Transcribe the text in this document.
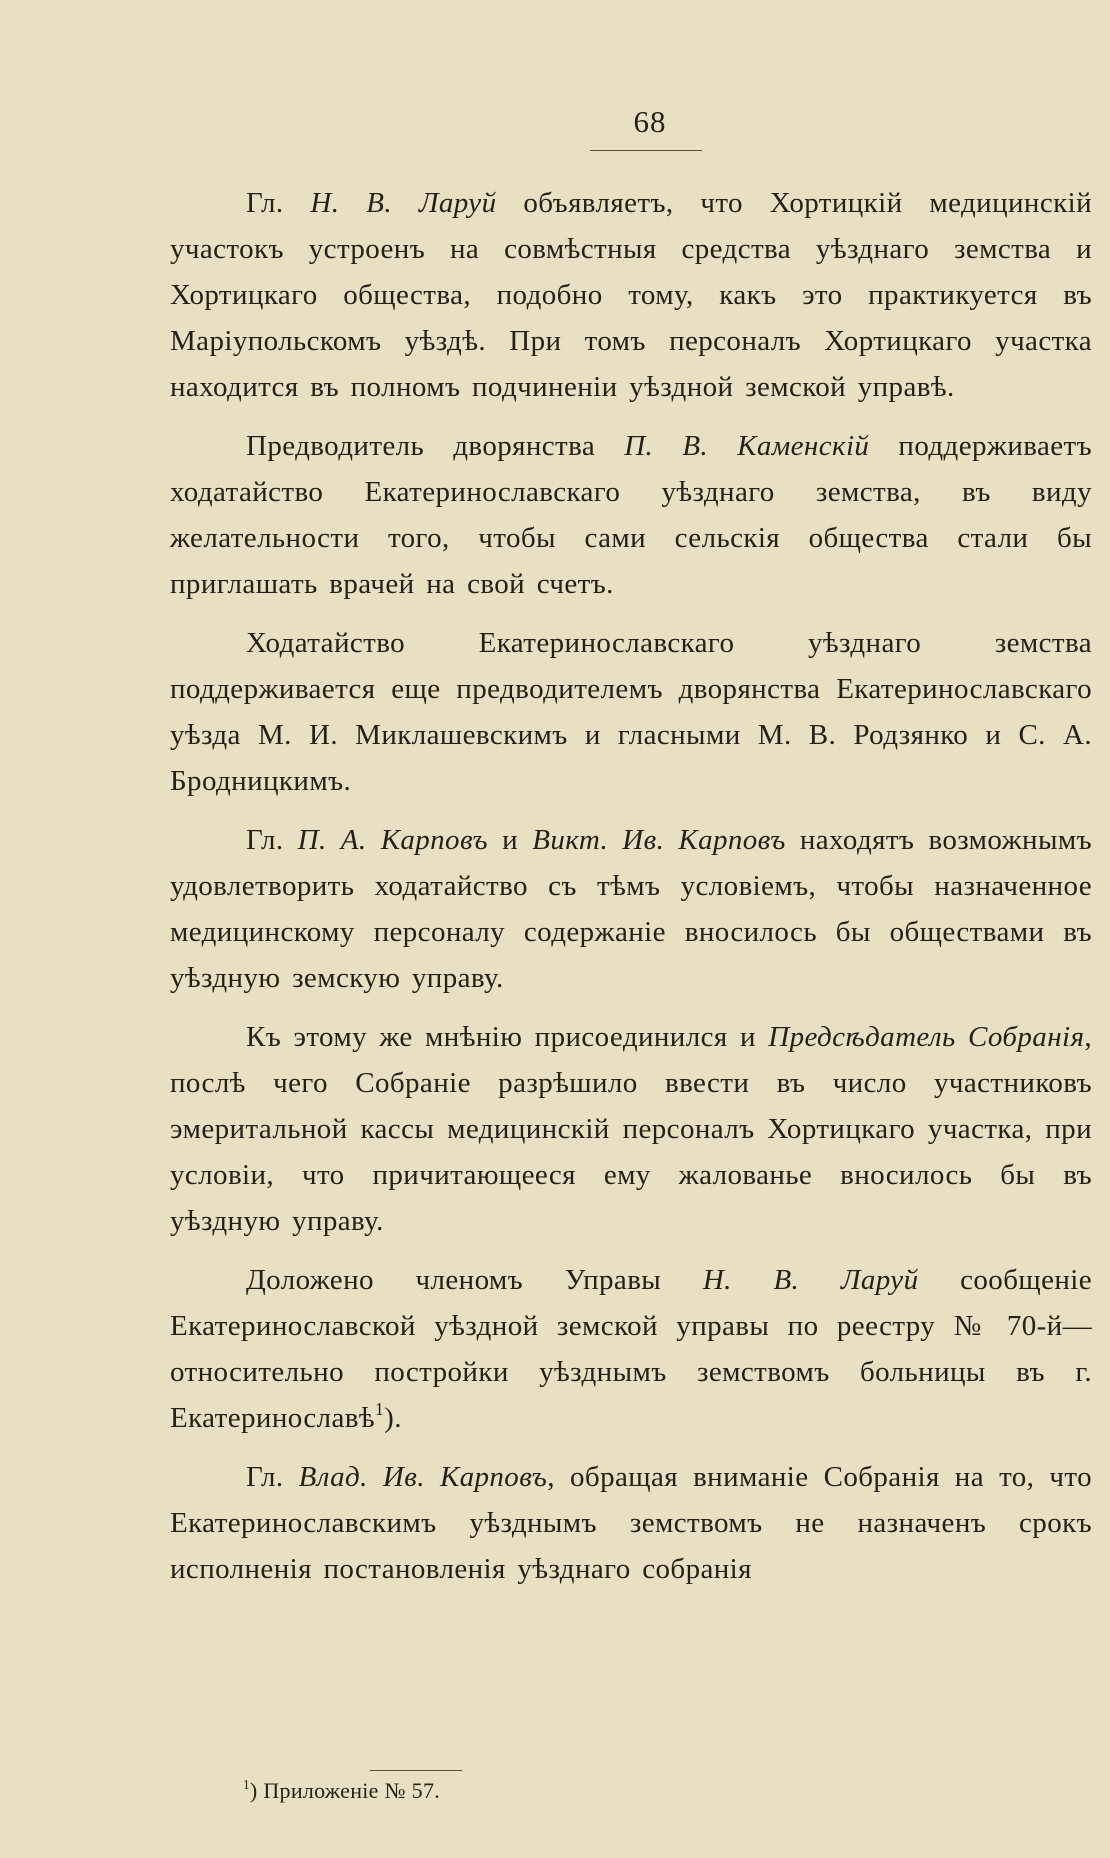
68

Гл. Н. В. Ларуй объявляетъ, что Хортицкій медицинскій участокъ устроенъ на совмѣстныя средства уѣзднаго земства и Хортицкаго общества, подобно тому, какъ это практикуется въ Маріупольскомъ уѣздѣ. При томъ персоналъ Хортицкаго участка находится въ полномъ подчиненіи уѣздной земской управѣ.

Предводитель дворянства П. В. Каменскій поддерживаетъ ходатайство Екатеринославскаго уѣзднаго земства, въ виду желательности того, чтобы сами сельскія общества стали бы приглашать врачей на свой счетъ.

Ходатайство Екатеринославскаго уѣзднаго земства поддерживается еще предводителемъ дворянства Екатеринославскаго уѣзда М. И. Миклашевскимъ и гласными М. В. Родзянко и С. А. Бродницкимъ.

Гл. П. А. Карповъ и Викт. Ив. Карповъ находятъ возможнымъ удовлетворить ходатайство съ тѣмъ условіемъ, чтобы назначенное медицинскому персоналу содержаніе вносилось бы обществами въ уѣздную земскую управу.

Къ этому же мнѣнію присоединился и Предсѣдатель Собранія, послѣ чего Собраніе разрѣшило ввести въ число участниковъ эмеритальной кассы медицинскій персоналъ Хортицкаго участка, при условіи, что причитающееся ему жалованье вносилось бы въ уѣздную управу.

Доложено членомъ Управы Н. В. Ларуй сообщеніе Екатеринославской уѣздной земской управы по реестру № 70-й—относительно постройки уѣзднымъ земствомъ больницы въ г. Екатеринославѣ$^1$).

Гл. Влад. Ив. Карповъ, обращая вниманіе Собранія на то, что Екатеринославскимъ уѣзднымъ земствомъ не назначенъ срокъ исполненія постановленія уѣзднаго собранія

$^1$) Приложеніе № 57.
